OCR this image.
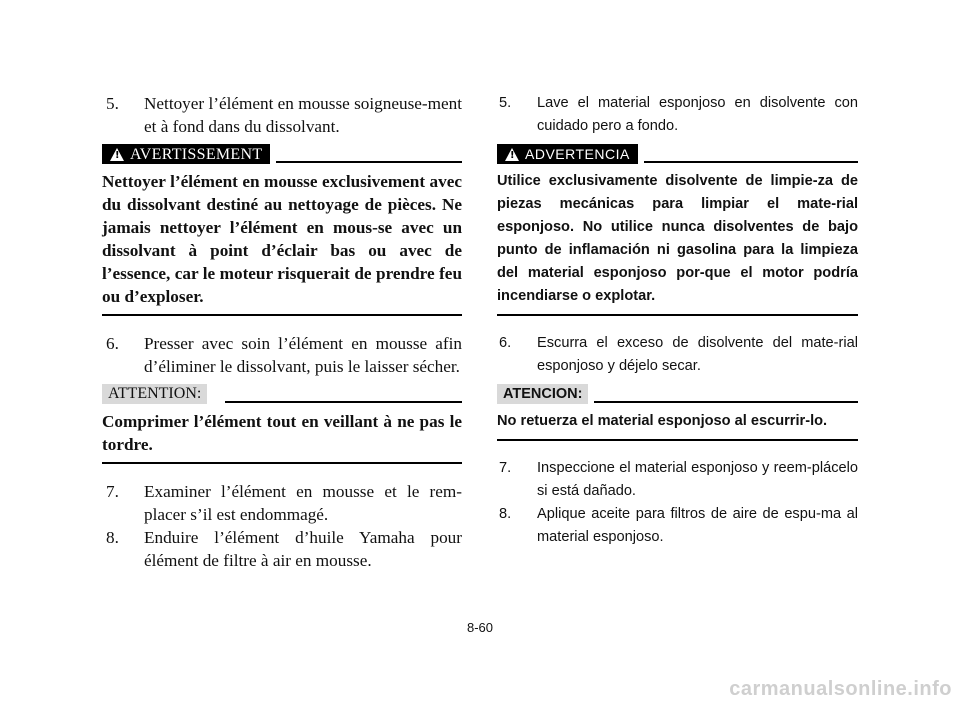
5.	Nettoyer l’élément en mousse soigneuse-ment et à fond dans du dissolvant.
!
AVERTISSEMENT
Nettoyer l’élément en mousse exclusivement avec du dissolvant destiné au nettoyage de pièces. Ne jamais nettoyer l’élément en mous-se avec un dissolvant à point d’éclair bas ou avec de l’essence, car le moteur risquerait de prendre feu ou d’exploser.
6.	Presser avec soin l’élément en mousse afin d’éliminer le dissolvant, puis le laisser sécher.
ATTENTION:
Comprimer l’élément tout en veillant à ne pas le tordre.
7.	Examiner l’élément en mousse et le rem-placer s’il est endommagé.
8.	Enduire l’élément d’huile Yamaha pour élément de filtre à air en mousse.
5.	Lave el material esponjoso en disolvente con cuidado pero a fondo.
!
ADVERTENCIA
Utilice exclusivamente disolvente de limpie-za de piezas mecánicas para limpiar el mate-rial esponjoso. No utilice nunca disolventes de bajo punto de inflamación ni gasolina para la limpieza del material esponjoso por-que el motor podría incendiarse o explotar.
6.	Escurra el exceso de disolvente del mate-rial esponjoso y déjelo secar.
ATENCION:
No retuerza el material esponjoso al escurrir-lo.
7.	Inspeccione el material esponjoso y reem-plácelo si está dañado.
8.	Aplique aceite para filtros de aire de espu-ma al material esponjoso.
8-60
carmanualsonline.info
